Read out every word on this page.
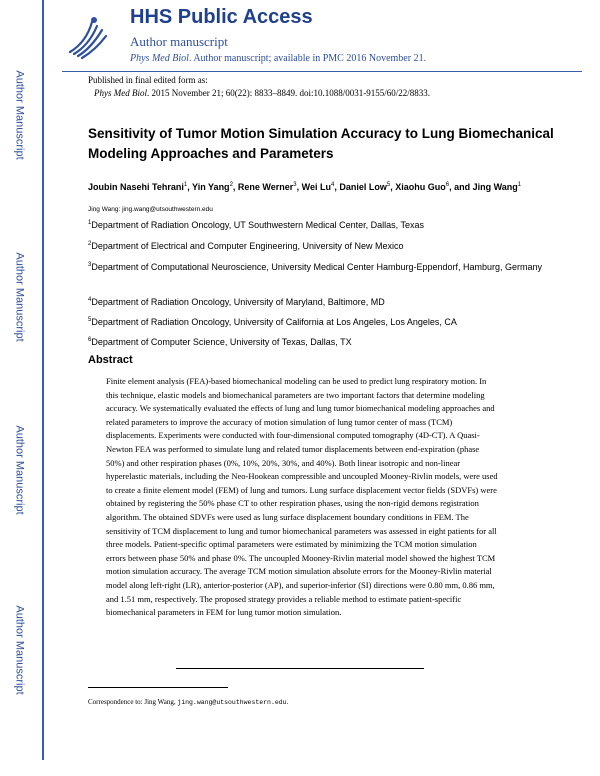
Author Manuscript
Author Manuscript
Author Manuscript
Author Manuscript
HHS Public Access
Author manuscript
Phys Med Biol. Author manuscript; available in PMC 2016 November 21.
Published in final edited form as:
Phys Med Biol. 2015 November 21; 60(22): 8833–8849. doi:10.1088/0031-9155/60/22/8833.
Sensitivity of Tumor Motion Simulation Accuracy to Lung Biomechanical Modeling Approaches and Parameters
Joubin Nasehi Tehrani$^1$, Yin Yang$^2$, Rene Werner$^3$, Wei Lu$^4$, Daniel Low$^5$, Xiaohu Guo$^6$, and Jing Wang$^1$
Jing Wang: jing.wang@utsouthwestern.edu
$^1$Department of Radiation Oncology, UT Southwestern Medical Center, Dallas, Texas
$^2$Department of Electrical and Computer Engineering, University of New Mexico
$^3$Department of Computational Neuroscience, University Medical Center Hamburg-Eppendorf, Hamburg, Germany
$^4$Department of Radiation Oncology, University of Maryland, Baltimore, MD
$^5$Department of Radiation Oncology, University of California at Los Angeles, Los Angeles, CA
$^6$Department of Computer Science, University of Texas, Dallas, TX
Abstract
Finite element analysis (FEA)-based biomechanical modeling can be used to predict lung respiratory motion. In this technique, elastic models and biomechanical parameters are two important factors that determine modeling accuracy. We systematically evaluated the effects of lung and lung tumor biomechanical modeling approaches and related parameters to improve the accuracy of motion simulation of lung tumor center of mass (TCM) displacements. Experiments were conducted with four-dimensional computed tomography (4D-CT). A Quasi-Newton FEA was performed to simulate lung and related tumor displacements between end-expiration (phase 50%) and other respiration phases (0%, 10%, 20%, 30%, and 40%). Both linear isotropic and non-linear hyperelastic materials, including the Neo-Hookean compressible and uncoupled Mooney-Rivlin models, were used to create a finite element model (FEM) of lung and tumors. Lung surface displacement vector fields (SDVFs) were obtained by registering the 50% phase CT to other respiration phases, using the non-rigid demons registration algorithm. The obtained SDVFs were used as lung surface displacement boundary conditions in FEM. The sensitivity of TCM displacement to lung and tumor biomechanical parameters was assessed in eight patients for all three models. Patient-specific optimal parameters were estimated by minimizing the TCM motion simulation errors between phase 50% and phase 0%. The uncoupled Mooney-Rivlin material model showed the highest TCM motion simulation accuracy. The average TCM motion simulation absolute errors for the Mooney-Rivlin material model along left-right (LR), anterior-posterior (AP), and superior-inferior (SI) directions were 0.80 mm, 0.86 mm, and 1.51 mm, respectively. The proposed strategy provides a reliable method to estimate patient-specific biomechanical parameters in FEM for lung tumor motion simulation.
Correspondence to: Jing Wang, jing.wang@utsouthwestern.edu.
